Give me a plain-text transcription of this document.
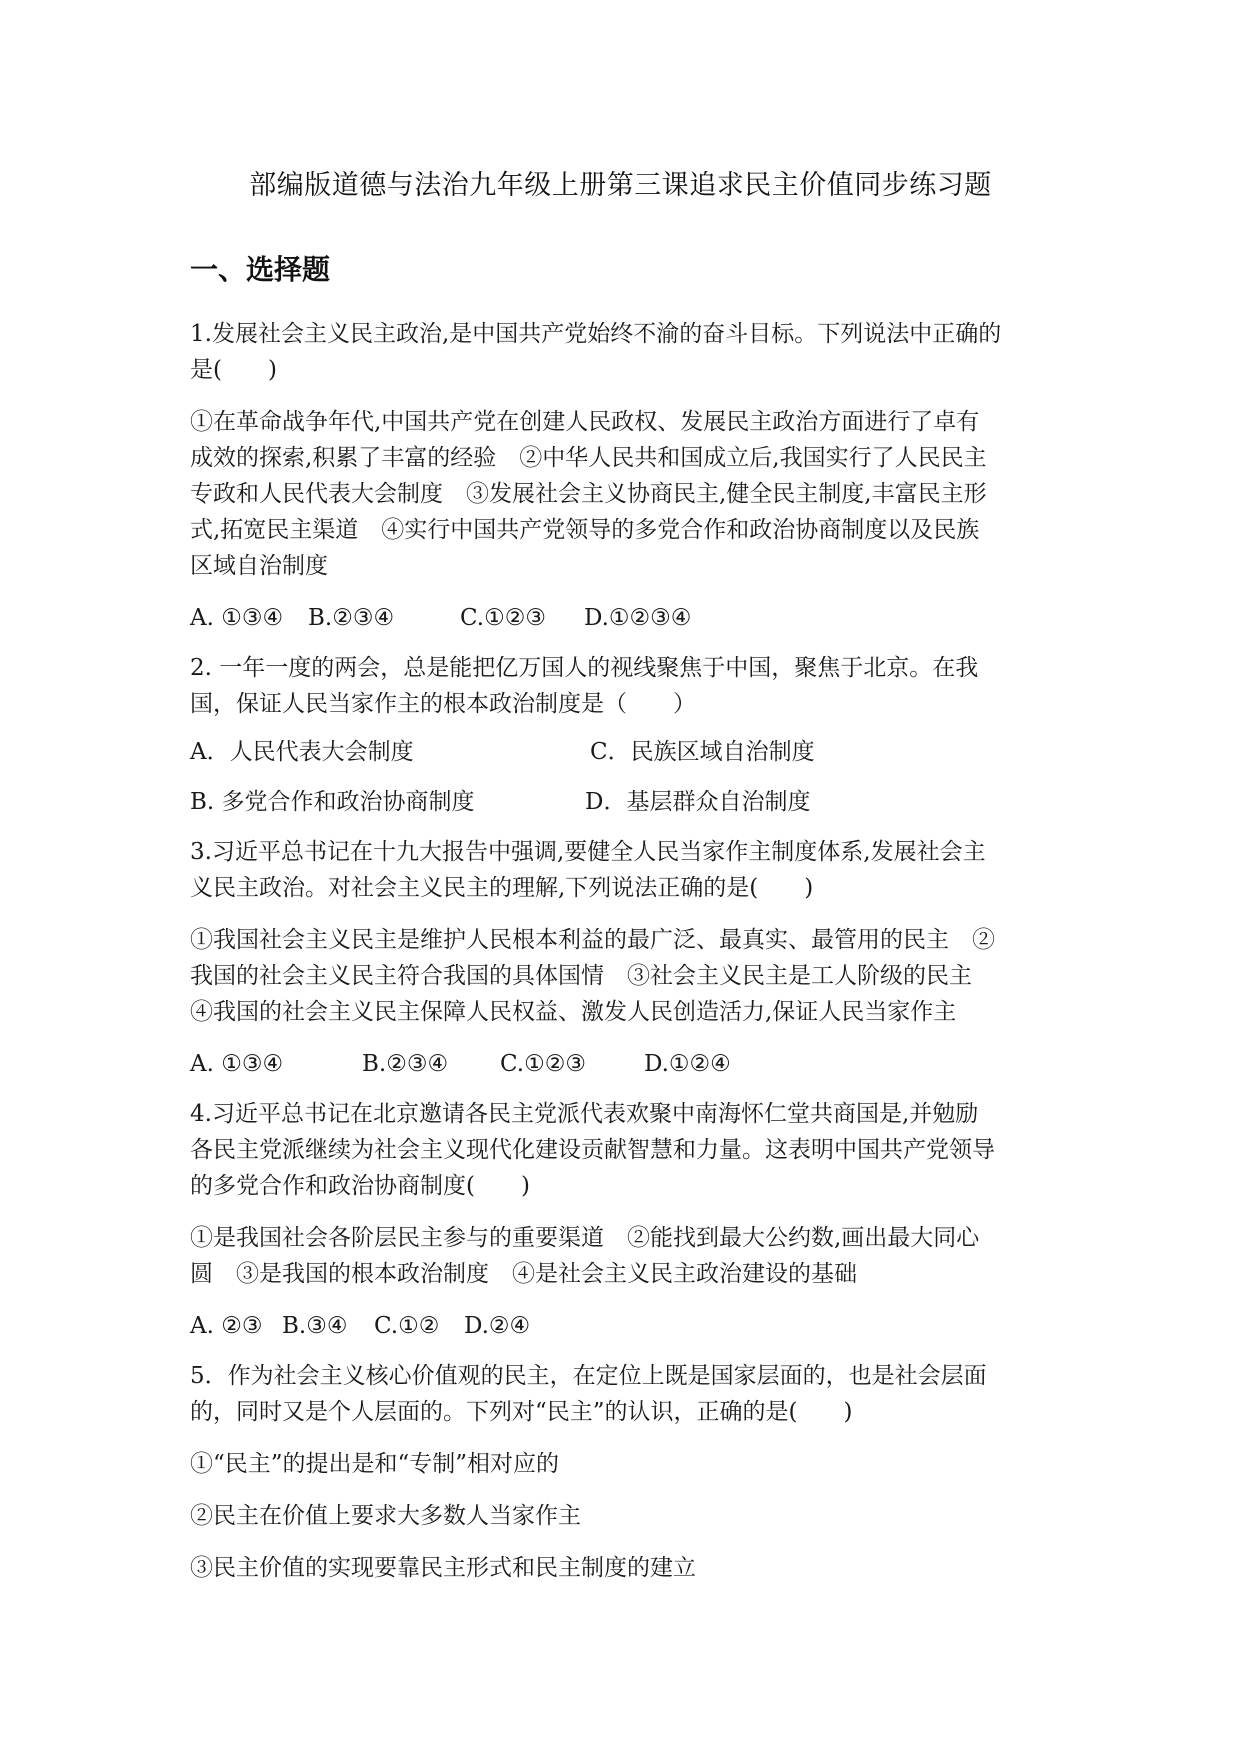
部编版道德与法治九年级上册第三课追求民主价值同步练习题
一、选择题
1.发展社会主义民主政治,是中国共产党始终不渝的奋斗目标。下列说法中正确的
是(　　)
①在革命战争年代,中国共产党在创建人民政权、发展民主政治方面进行了卓有
成效的探索,积累了丰富的经验　②中华人民共和国成立后,我国实行了人民民主
专政和人民代表大会制度　③发展社会主义协商民主,健全民主制度,丰富民主形
式,拓宽民主渠道　④实行中国共产党领导的多党合作和政治协商制度以及民族
区域自治制度
A. ①③④	B.②③④	C.①②③	D.①②③④
2. 一年一度的两会，总是能把亿万国人的视线聚焦于中国，聚焦于北京。在我
国，保证人民当家作主的根本政治制度是（　　）
A．人民代表大会制度	C．民族区域自治制度
B. 多党合作和政治协商制度	D．基层群众自治制度
3.习近平总书记在十九大报告中强调,要健全人民当家作主制度体系,发展社会主
义民主政治。对社会主义民主的理解,下列说法正确的是(　　)
①我国社会主义民主是维护人民根本利益的最广泛、最真实、最管用的民主　②
我国的社会主义民主符合我国的具体国情　③社会主义民主是工人阶级的民主
④我国的社会主义民主保障人民权益、激发人民创造活力,保证人民当家作主
A. ①③④	B.②③④	C.①②③	D.①②④
4.习近平总书记在北京邀请各民主党派代表欢聚中南海怀仁堂共商国是,并勉励
各民主党派继续为社会主义现代化建设贡献智慧和力量。这表明中国共产党领导
的多党合作和政治协商制度(　　)
①是我国社会各阶层民主参与的重要渠道　②能找到最大公约数,画出最大同心
圆　③是我国的根本政治制度　④是社会主义民主政治建设的基础
A. ②③ B.③④	C.①②	D.②④
5．作为社会主义核心价值观的民主，在定位上既是国家层面的，也是社会层面
的，同时又是个人层面的。下列对“民主”的认识，正确的是(　　)
①“民主”的提出是和“专制”相对应的
②民主在价值上要求大多数人当家作主
③民主价值的实现要靠民主形式和民主制度的建立
